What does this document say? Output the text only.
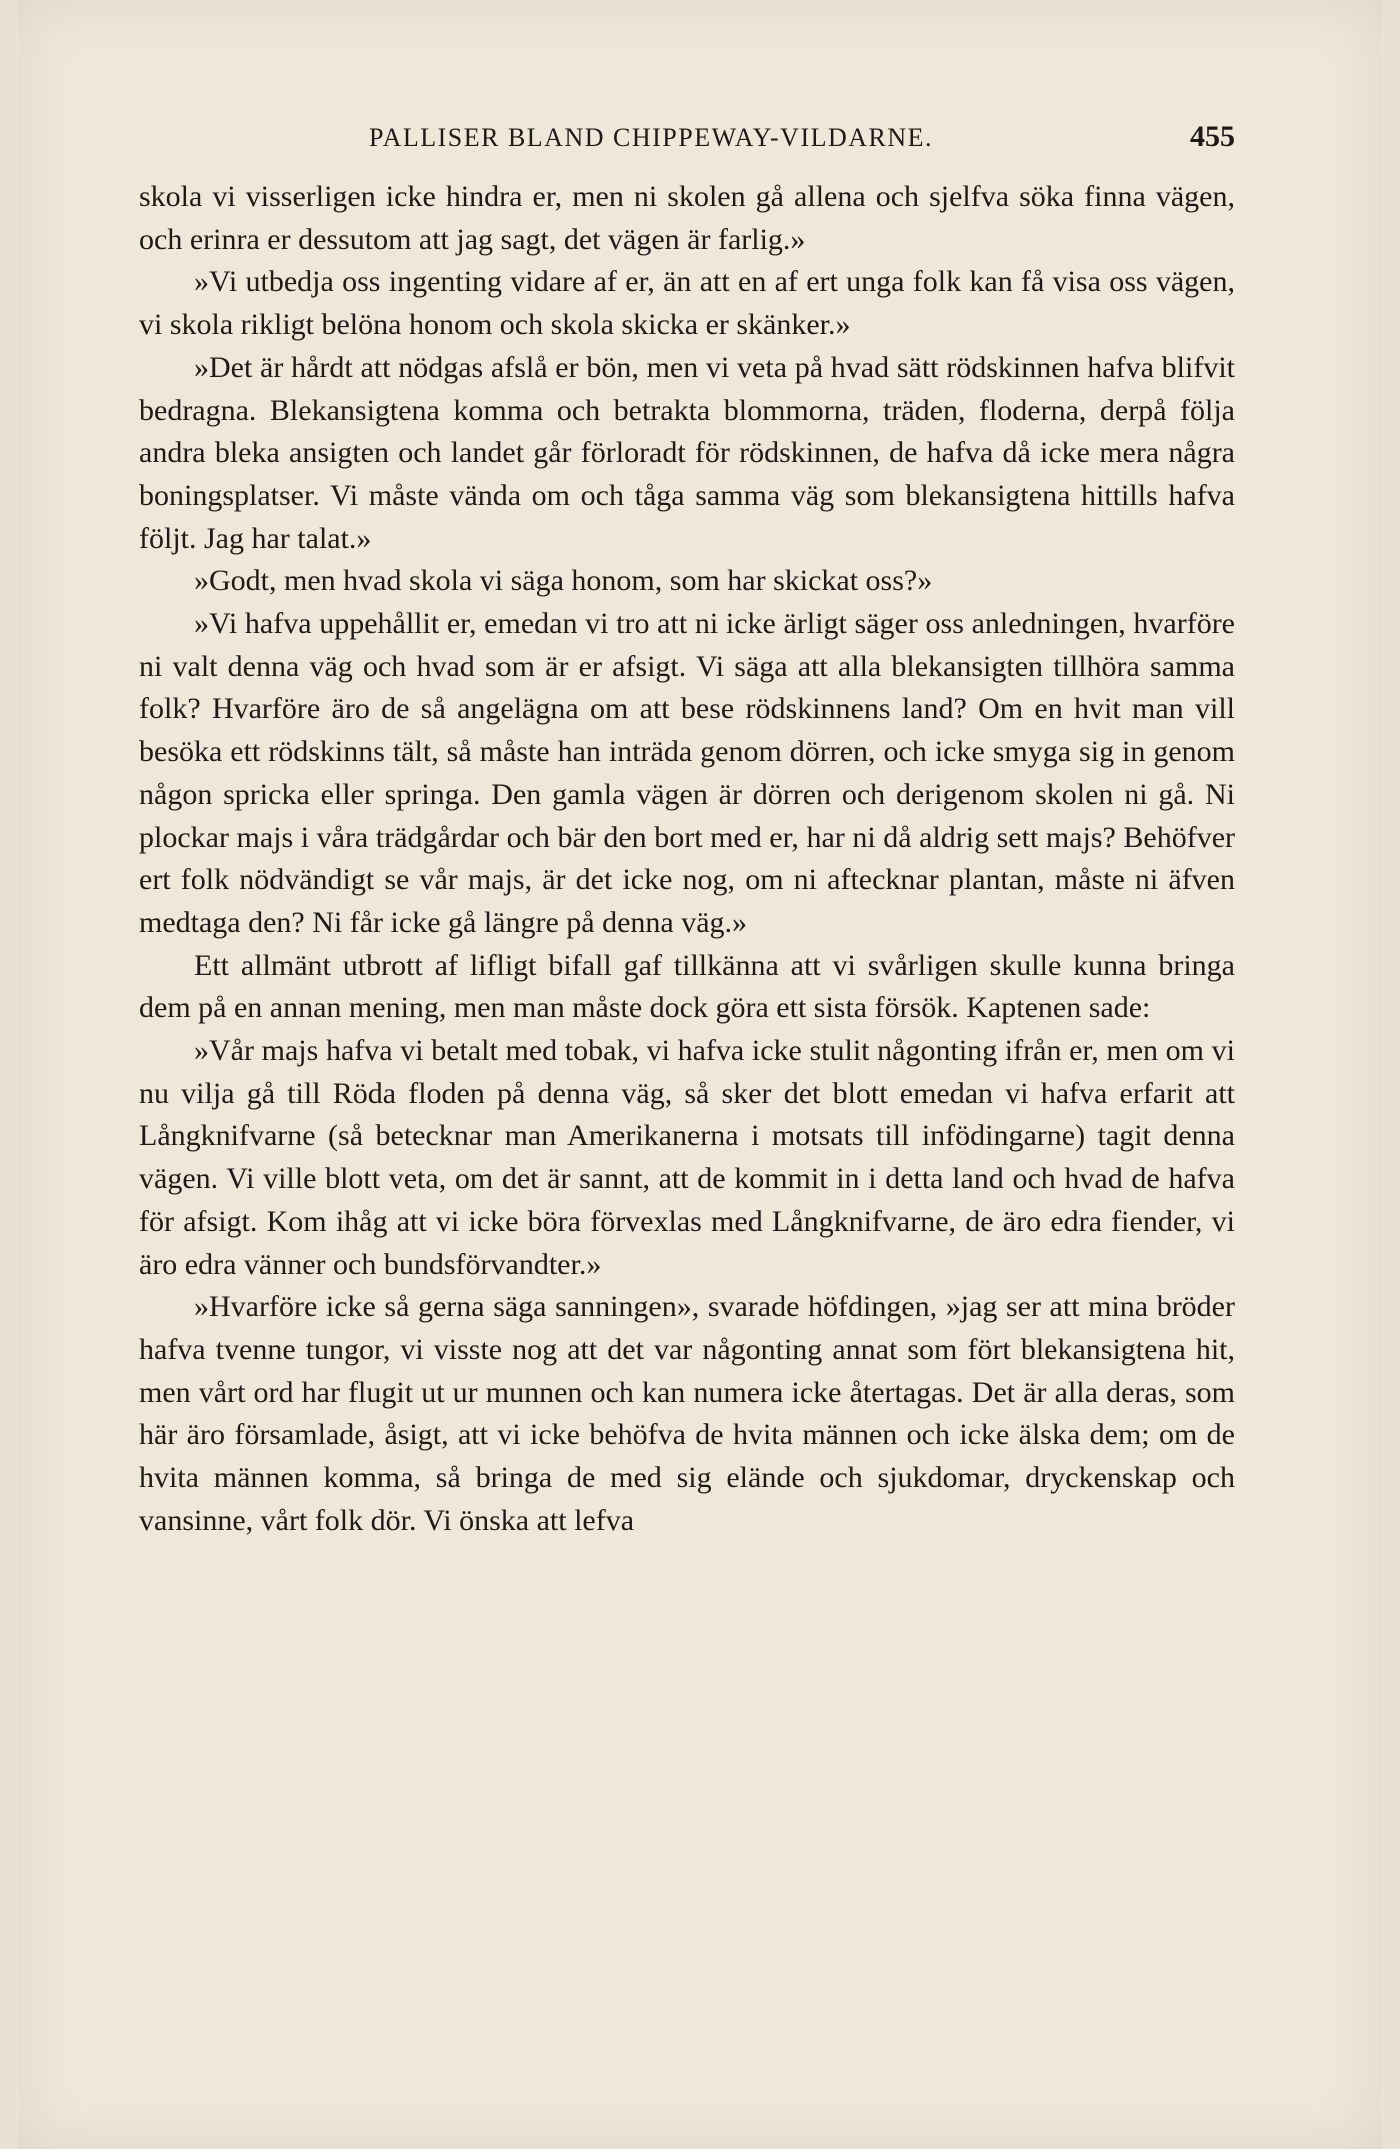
PALLISER BLAND CHIPPEWAY-VILDARNE.	455

skola vi visserligen icke hindra er, men ni skolen gå allena och sjelfva söka finna vägen, och erinra er dessutom att jag sagt, det vägen är farlig.»

»Vi utbedja oss ingenting vidare af er, än att en af ert unga folk kan få visa oss vägen, vi skola rikligt belöna honom och skola skicka er skänker.»

»Det är hårdt att nödgas afslå er bön, men vi veta på hvad sätt rödskinnen hafva blifvit bedragna. Blekansigtena komma och betrakta blommorna, träden, floderna, derpå följa andra bleka ansigten och landet går förloradt för rödskinnen, de hafva då icke mera några boningsplatser. Vi måste vända om och tåga samma väg som blekansigtena hittills hafva följt. Jag har talat.»

»Godt, men hvad skola vi säga honom, som har skickat oss?»

»Vi hafva uppehållit er, emedan vi tro att ni icke ärligt säger oss anledningen, hvarföre ni valt denna väg och hvad som är er afsigt. Vi säga att alla blekansigten tillhöra samma folk? Hvarföre äro de så angelägna om att bese rödskinnens land? Om en hvit man vill besöka ett rödskinns tält, så måste han inträda genom dörren, och icke smyga sig in genom någon spricka eller springa. Den gamla vägen är dörren och derigenom skolen ni gå. Ni plockar majs i våra trädgårdar och bär den bort med er, har ni då aldrig sett majs? Behöfver ert folk nödvändigt se vår majs, är det icke nog, om ni aftecknar plantan, måste ni äfven medtaga den? Ni får icke gå längre på denna väg.»

Ett allmänt utbrott af lifligt bifall gaf tillkänna att vi svårligen skulle kunna bringa dem på en annan mening, men man måste dock göra ett sista försök. Kaptenen sade:

»Vår majs hafva vi betalt med tobak, vi hafva icke stulit någonting ifrån er, men om vi nu vilja gå till Röda floden på denna väg, så sker det blott emedan vi hafva erfarit att Långknifvarne (så betecknar man Amerikanerna i motsats till infödingarne) tagit denna vägen. Vi ville blott veta, om det är sannt, att de kommit in i detta land och hvad de hafva för afsigt. Kom ihåg att vi icke böra förvexlas med Långknifvarne, de äro edra fiender, vi äro edra vänner och bundsförvandter.»

»Hvarföre icke så gerna säga sanningen», svarade höfdingen, »jag ser att mina bröder hafva tvenne tungor, vi visste nog att det var någonting annat som fört blekansigtena hit, men vårt ord har flugit ut ur munnen och kan numera icke återtagas. Det är alla deras, som här äro församlade, åsigt, att vi icke behöfva de hvita männen och icke älska dem; om de hvita männen komma, så bringa de med sig elände och sjukdomar, dryckenskap och vansinne, vårt folk dör. Vi önska att lefva
